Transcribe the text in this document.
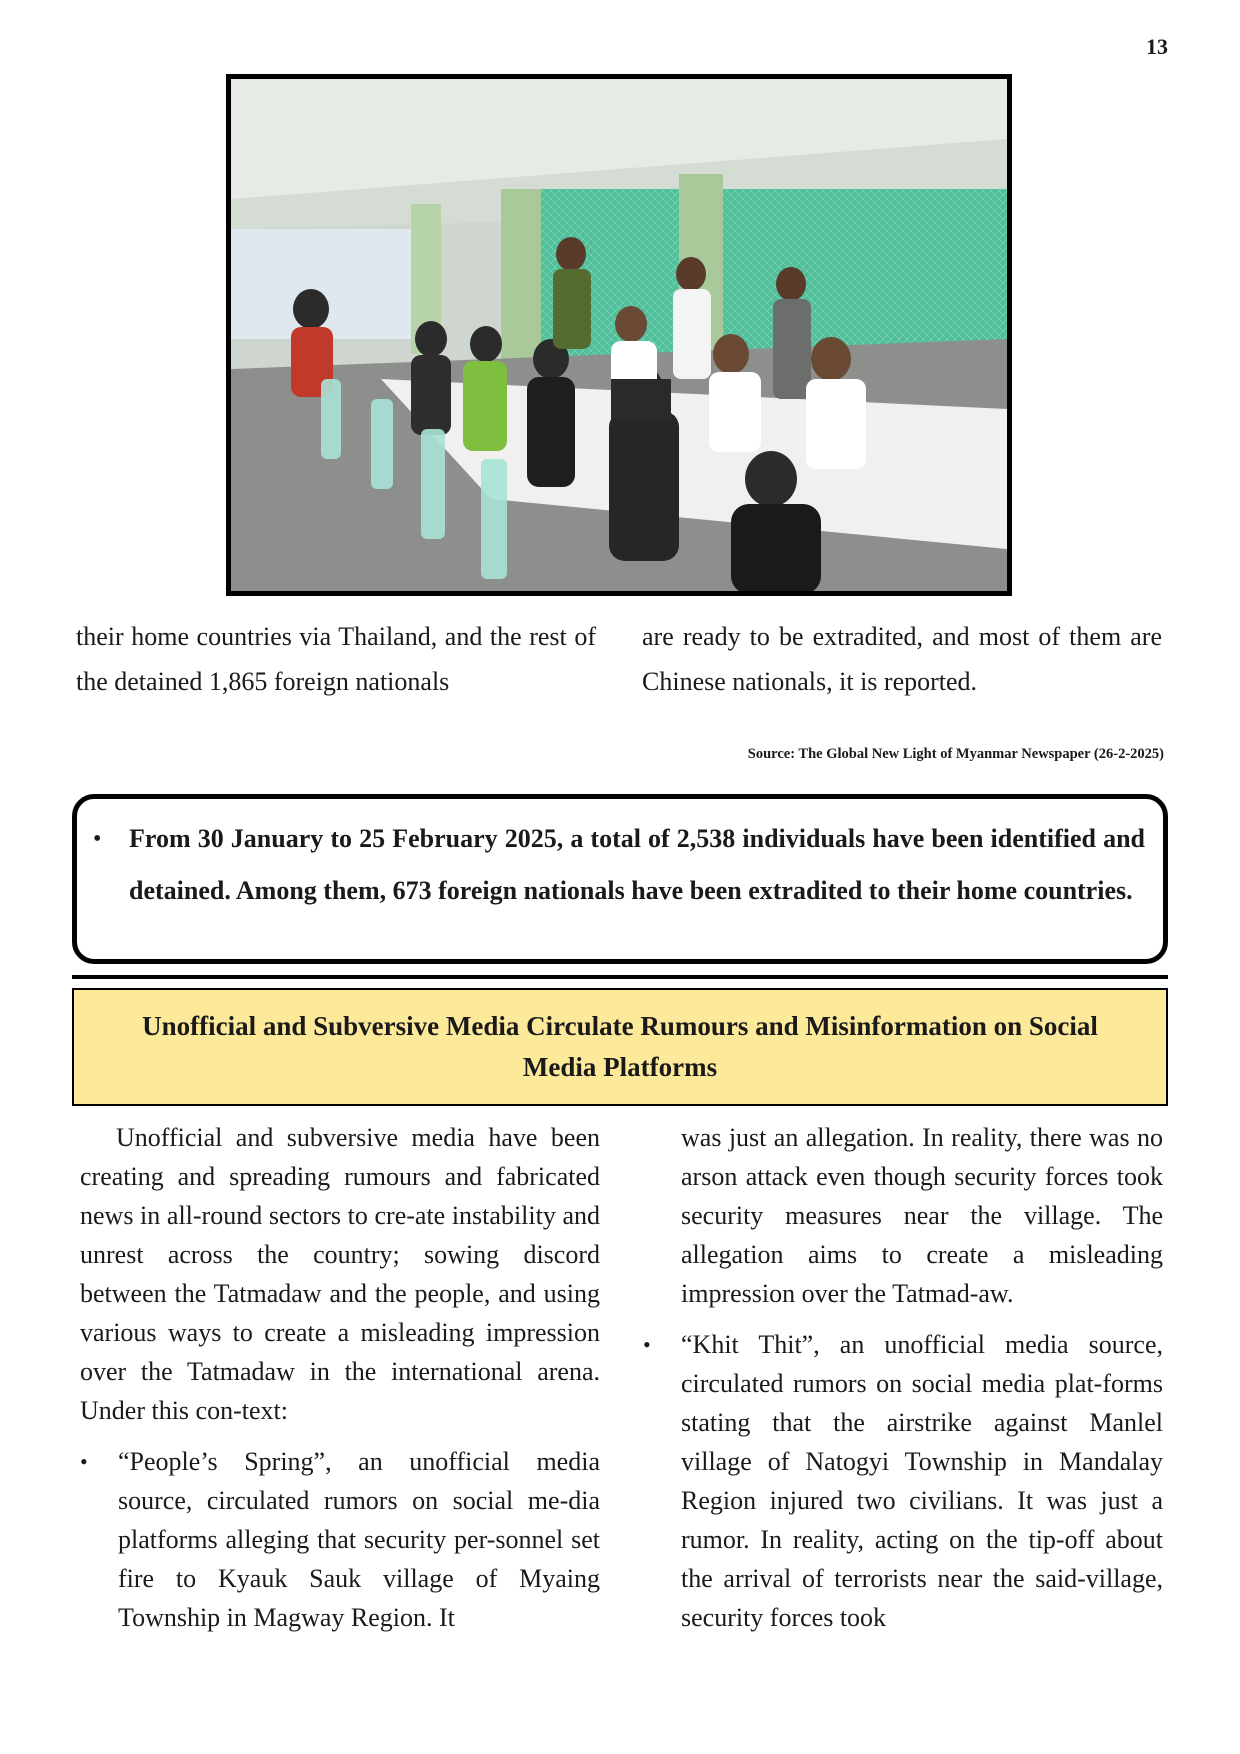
13

their home countries via Thailand, and the rest of the detained 1,865 foreign nationals

are ready to be extradited, and most of them are Chinese nationals, it is reported.

Source: The Global New Light of Myanmar Newspaper (26-2-2025)
• From 30 January to 25 February 2025, a total of 2,538 individuals have been identified and detained. Among them, 673 foreign nationals have been extradited to their home countries.

Unofficial and Subversive Media Circulate Rumours and Misinformation on Social Media Platforms

Unofficial and subversive media have been creating and spreading rumours and fabricated news in all-round sectors to cre-ate instability and unrest across the country; sowing discord between the Tatmadaw and the people, and using various ways to create a misleading impression over the Tatmadaw in the international arena. Under this con-text:

• “People’s Spring”, an unofficial media source, circulated rumors on social me-dia platforms alleging that security per-sonnel set fire to Kyauk Sauk village of Myaing Township in Magway Region. It

was just an allegation. In reality, there was no arson attack even though security forces took security measures near the village. The allegation aims to create a misleading impression over the Tatmad-aw.

• “Khit Thit”, an unofficial media source, circulated rumors on social media plat-forms stating that the airstrike against Manlel village of Natogyi Township in Mandalay Region injured two civilians. It was just a rumor. In reality, acting on the tip-off about the arrival of terrorists near the said-village, security forces took
